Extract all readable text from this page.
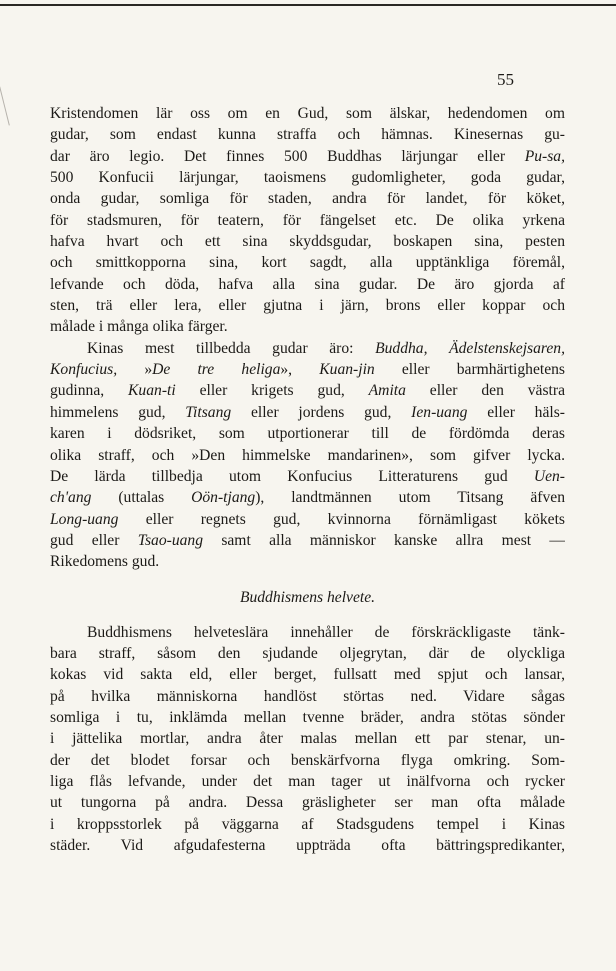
55
Kristendomen lär oss om en Gud, som älskar, hedendomen om
gudar, som endast kunna straffa och hämnas. Kinesernas gu-
dar äro legio. Det finnes 500 Buddhas lärjungar eller Pu-sa,
500 Konfucii lärjungar, taoismens gudomligheter, goda gudar,
onda gudar, somliga för staden, andra för landet, för köket,
för stadsmuren, för teatern, för fängelset etc. De olika yrkena
hafva hvart och ett sina skyddsgudar, boskapen sina, pesten
och smittkopporna sina, kort sagdt, alla upptänkliga föremål,
lefvande och döda, hafva alla sina gudar. De äro gjorda af
sten, trä eller lera, eller gjutna i järn, brons eller koppar och
målade i många olika färger.
Kinas mest tillbedda gudar äro: Buddha, Ädelstenskejsaren,
Konfucius, »De tre heliga», Kuan-jin eller barmhärtighetens
gudinna, Kuan-ti eller krigets gud, Amita eller den västra
himmelens gud, Titsang eller jordens gud, Ien-uang eller häls-
karen i dödsriket, som utportionerar till de fördömda deras
olika straff, och »Den himmelske mandarinen», som gifver lycka.
De lärda tillbedja utom Konfucius Litteraturens gud Uen-
ch'ang (uttalas Oön-tjang), landtmännen utom Titsang äfven
Long-uang eller regnets gud, kvinnorna förnämligast kökets
gud eller Tsao-uang samt alla människor kanske allra mest —
Rikedomens gud.
Buddhismens helvete.
Buddhismens helveteslära innehåller de förskräckligaste tänk-
bara straff, såsom den sjudande oljegrytan, där de olyckliga
kokas vid sakta eld, eller berget, fullsatt med spjut och lansar,
på hvilka människorna handlöst störtas ned. Vidare sågas
somliga i tu, inklämda mellan tvenne bräder, andra stötas sönder
i jättelika mortlar, andra åter malas mellan ett par stenar, un-
der det blodet forsar och benskärfvorna flyga omkring. Som-
liga flås lefvande, under det man tager ut inälfvorna och rycker
ut tungorna på andra. Dessa gräsligheter ser man ofta målade
i kroppsstorlek på väggarna af Stadsgudens tempel i Kinas
städer. Vid afgudafesterna uppträda ofta bättringspredikanter,
